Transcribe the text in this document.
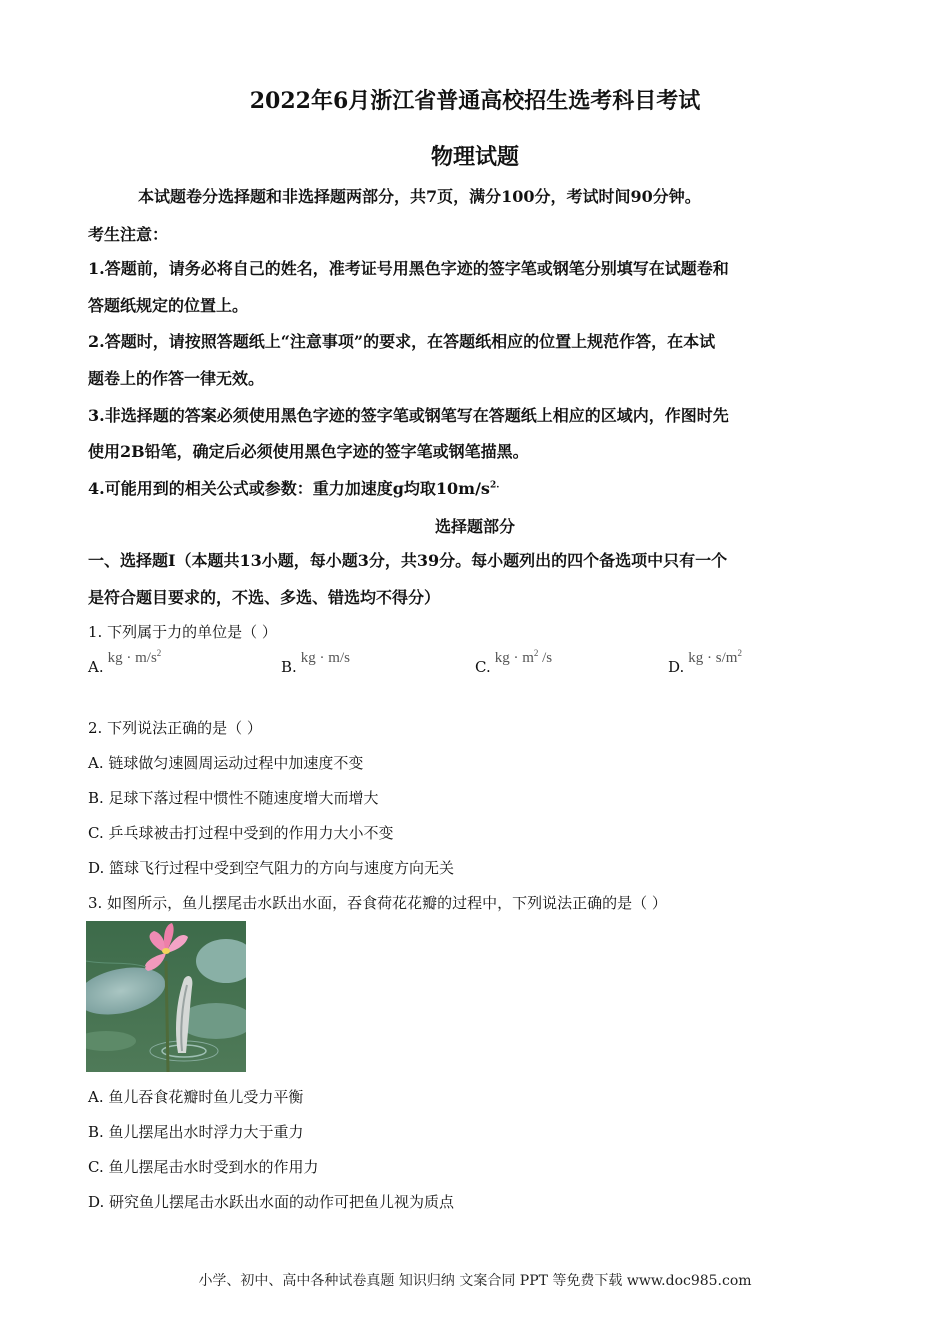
2022年6月浙江省普通高校招生选考科目考试
物理试题
本试题卷分选择题和非选择题两部分，共7页，满分100分，考试时间90分钟。
考生注意：
1.答题前，请务必将自己的姓名，准考证号用黑色字迹的签字笔或钢笔分别填写在试题卷和
答题纸规定的位置上。
2.答题时，请按照答题纸上“注意事项”的要求，在答题纸相应的位置上规范作答，在本试
题卷上的作答一律无效。
3.非选择题的答案必须使用黑色字迹的签字笔或钢笔写在答题纸上相应的区域内，作图时先
使用2B铅笔，确定后必须使用黑色字迹的签字笔或钢笔描黑。
4.可能用到的相关公式或参数：重力加速度g均取$10m/s^{2.}$
选择题部分
一、选择题I（本题共13小题，每小题3分，共39分。每小题列出的四个备选项中只有一个
是符合题目要求的，不选、多选、错选均不得分）
1. 下列属于力的单位是（ ）
A. kg · $m/s^2$
B. kg · m/s	C. kg · $m^2$ /s	D. kg · $s/m^2$
2. 下列说法正确的是（ ）
A. 链球做匀速圆周运动过程中加速度不变
B. 足球下落过程中惯性不随速度增大而增大
C. 乒乓球被击打过程中受到的作用力大小不变
D. 篮球飞行过程中受到空气阻力的方向与速度方向无关
3. 如图所示，鱼儿摆尾击水跃出水面，吞食荷花花瓣的过程中，下列说法正确的是（ ）
A. 鱼儿吞食花瓣时鱼儿受力平衡
B. 鱼儿摆尾出水时浮力大于重力
C. 鱼儿摆尾击水时受到水的作用力
D. 研究鱼儿摆尾击水跃出水面的动作可把鱼儿视为质点
小学、初中、高中各种试卷真题 知识归纳 文案合同 PPT 等免费下载 www.doc985.com
